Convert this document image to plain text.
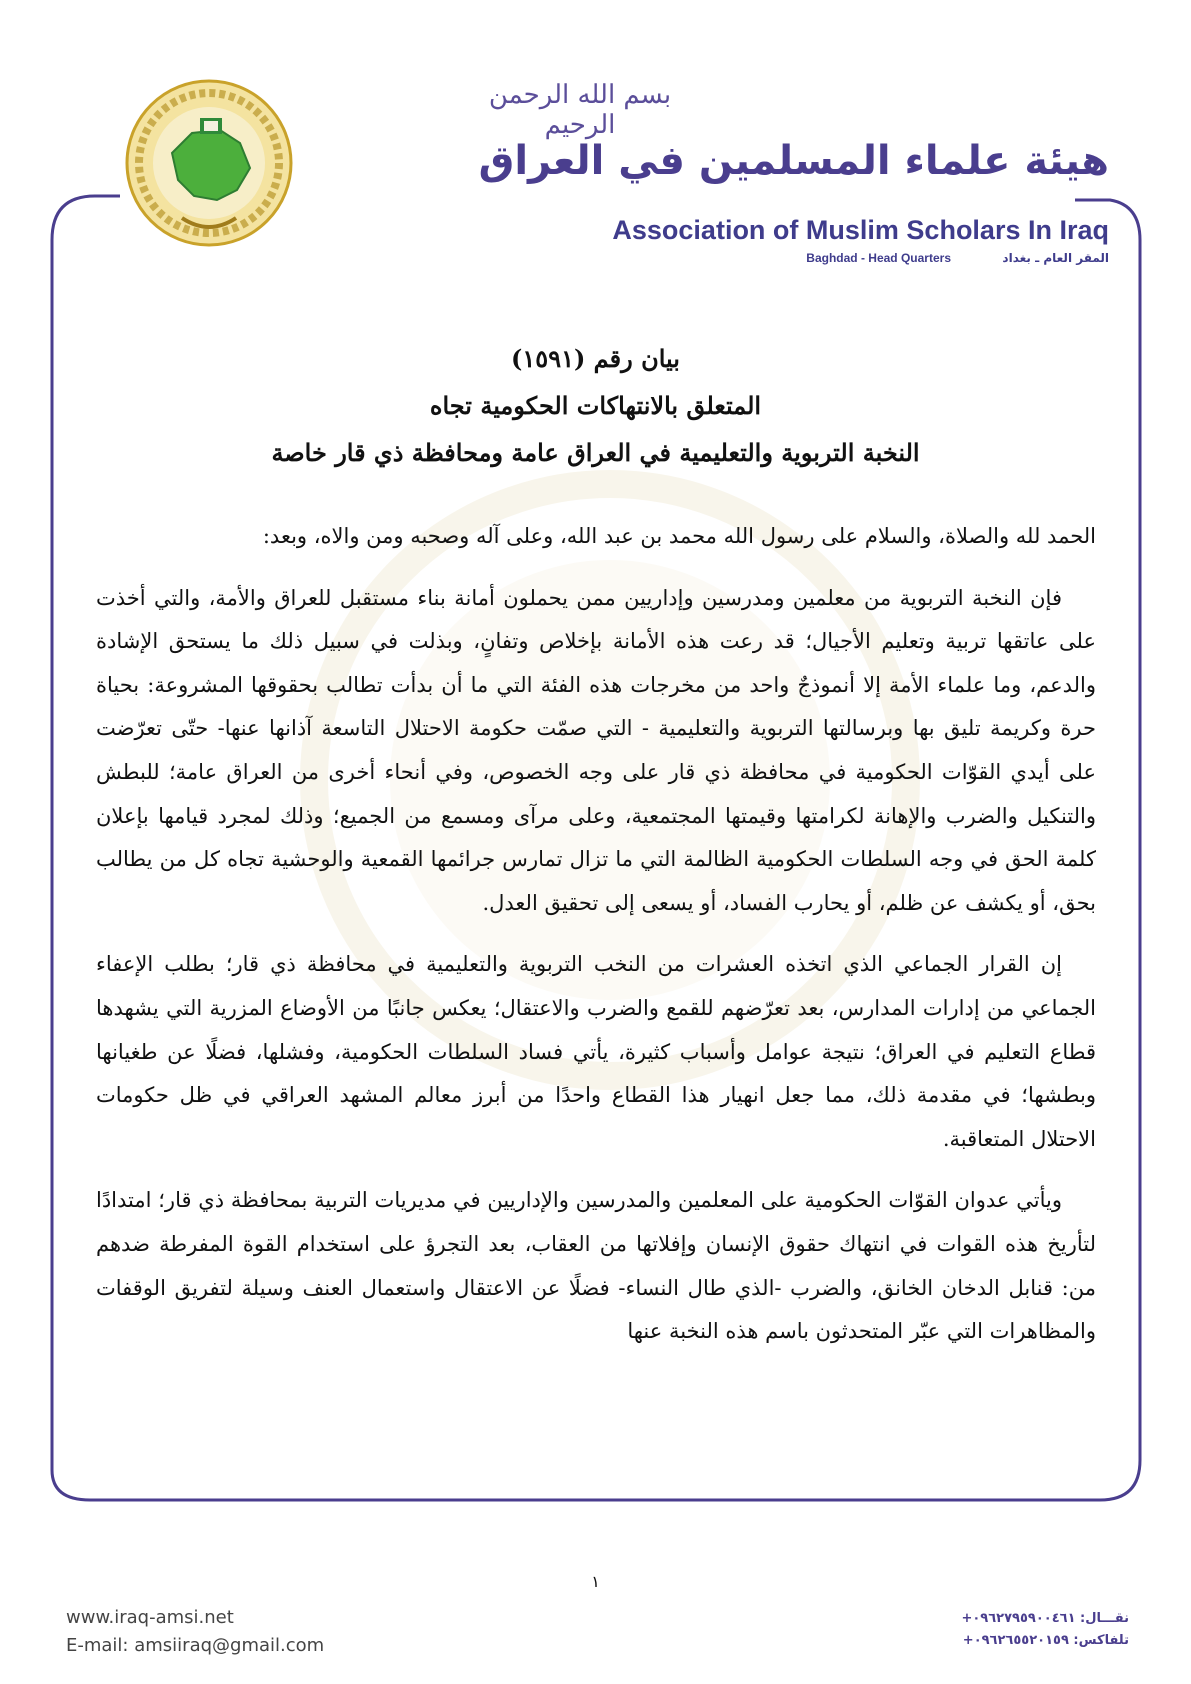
بسم الله الرحمن الرحيم
هيئة علماء المسلمين في العراق
Association of Muslim Scholars In Iraq
Baghdad - Head Quarters	المقر العام ـ بغداد
بيان رقم (١٥٩١)
المتعلق بالانتهاكات الحكومية تجاه
النخبة التربوية والتعليمية في العراق عامة ومحافظة ذي قار خاصة

الحمد لله والصلاة، والسلام على رسول الله محمد بن عبد الله، وعلى آله وصحبه ومن والاه، وبعد:

فإن النخبة التربوية من معلمين ومدرسين وإداريين ممن يحملون أمانة بناء مستقبل للعراق والأمة، والتي أخذت على عاتقها تربية وتعليم الأجيال؛ قد رعت هذه الأمانة بإخلاص وتفانٍ، وبذلت في سبيل ذلك ما يستحق الإشادة والدعم، وما علماء الأمة إلا أنموذجٌ واحد من مخرجات هذه الفئة التي ما أن بدأت تطالب بحقوقها المشروعة: بحياة حرة وكريمة تليق بها وبرسالتها التربوية والتعليمية - التي صمّت حكومة الاحتلال التاسعة آذانها عنها- حتّى تعرّضت على أيدي القوّات الحكومية في محافظة ذي قار على وجه الخصوص، وفي أنحاء أخرى من العراق عامة؛ للبطش والتنكيل والضرب والإهانة لكرامتها وقيمتها المجتمعية، وعلى مرآى ومسمع من الجميع؛ وذلك لمجرد قيامها بإعلان كلمة الحق في وجه السلطات الحكومية الظالمة التي ما تزال تمارس جرائمها القمعية والوحشية تجاه كل من يطالب بحق، أو يكشف عن ظلم، أو يحارب الفساد، أو يسعى إلى تحقيق العدل.

إن القرار الجماعي الذي اتخذه العشرات من النخب التربوية والتعليمية في محافظة ذي قار؛ بطلب الإعفاء الجماعي من إدارات المدارس، بعد تعرّضهم للقمع والضرب والاعتقال؛ يعكس جانبًا من الأوضاع المزرية التي يشهدها قطاع التعليم في العراق؛ نتيجة عوامل وأسباب كثيرة، يأتي فساد السلطات الحكومية، وفشلها، فضلًا عن طغيانها وبطشها؛ في مقدمة ذلك، مما جعل انهيار هذا القطاع واحدًا من أبرز معالم المشهد العراقي في ظل حكومات الاحتلال المتعاقبة.

ويأتي عدوان القوّات الحكومية على المعلمين والمدرسين والإداريين في مديريات التربية بمحافظة ذي قار؛ امتدادًا لتأريخ هذه القوات في انتهاك حقوق الإنسان وإفلاتها من العقاب، بعد التجرؤ على استخدام القوة المفرطة ضدهم من: قنابل الدخان الخانق، والضرب -الذي طال النساء- فضلًا عن الاعتقال واستعمال العنف وسيلة لتفريق الوقفات والمظاهرات التي عبّر المتحدثون باسم هذه النخبة عنها

١
www.iraq-amsi.net
E-mail: amsiiraq@gmail.com
نقـــال: ٠٩٦٢٧٩٥٩٠٠٤٦١+
تلفاكس: ٠٩٦٢٦٥٥٢٠١٥٩+
